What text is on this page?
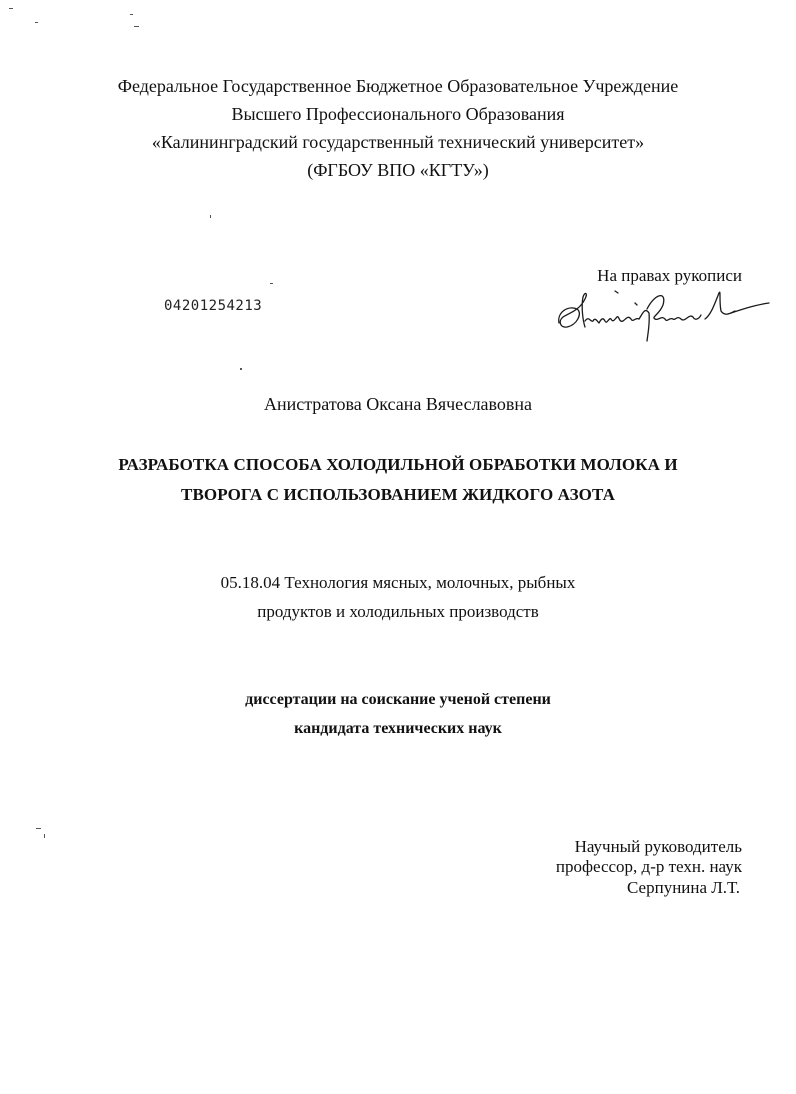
Федеральное Государственное Бюджетное Образовательное Учреждение
Высшего Профессионального Образования
«Калининградский государственный технический университет»
(ФГБОУ ВПО «КГТУ»)
На правах рукописи
04201254213
Анистратова Оксана Вячеславовна
РАЗРАБОТКА СПОСОБА ХОЛОДИЛЬНОЙ ОБРАБОТКИ МОЛОКА И
ТВОРОГА С ИСПОЛЬЗОВАНИЕМ ЖИДКОГО АЗОТА
05.18.04 Технология мясных, молочных, рыбных
продуктов и холодильных производств
диссертации на соискание ученой степени
кандидата технических наук
Научный руководитель
профессор, д-р техн. наук
Серпунина Л.Т.
